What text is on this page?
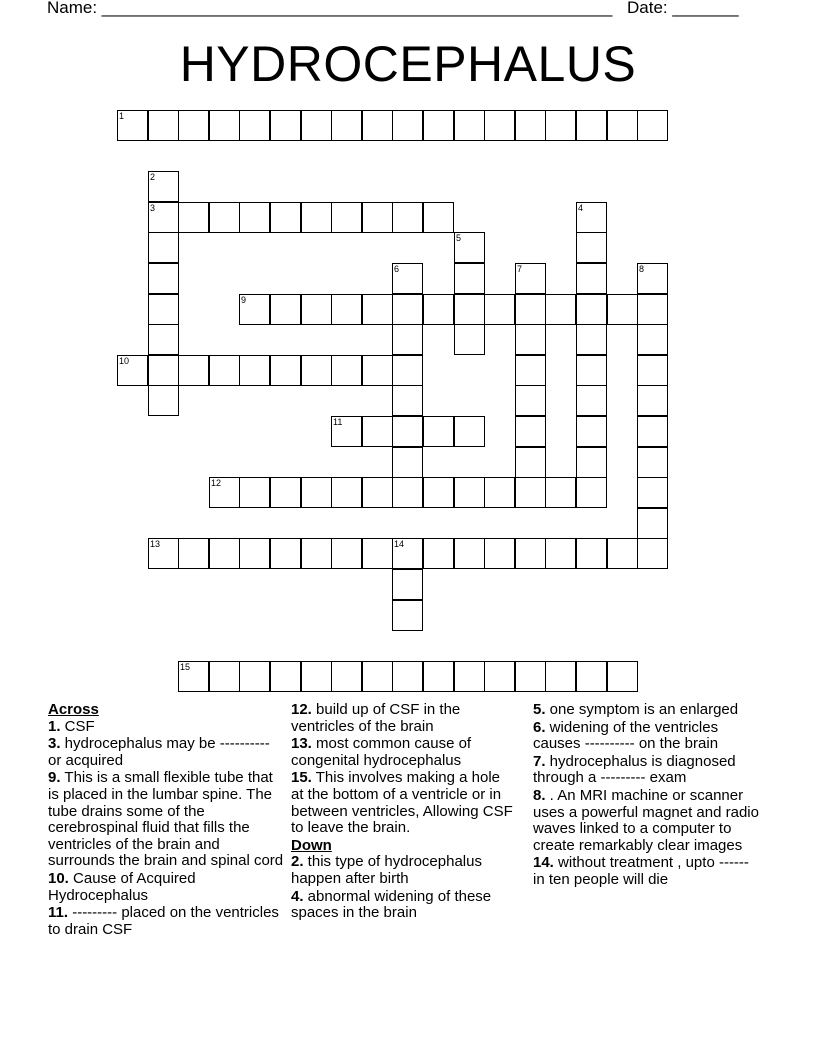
Name: ______________________________________________________ Date: _______
HYDROCEPHALUS
1
2
3	4
5
6	7	8
9
10
11
12
13	14
15
Across
1. CSF
3. hydrocephalus may be ---------- or acquired
9. This is a small flexible tube that is placed in the lumbar spine. The tube drains some of the cerebrospinal fluid that fills the ventricles of the brain and surrounds the brain and spinal cord
10. Cause of Acquired Hydrocephalus
11. --------- placed on the ventricles to drain CSF
12. build up of CSF in the ventricles of the brain
13. most common cause of congenital hydrocephalus
15. This involves making a hole at the bottom of a ventricle or in between ventricles, Allowing CSF to leave the brain.
Down
2. this type of hydrocephalus happen after birth
4. abnormal widening of these spaces in the brain
5. one symptom is an enlarged
6. widening of the ventricles causes ---------- on the brain
7. hydrocephalus is diagnosed through a --------- exam
8. . An MRI machine or scanner uses a powerful magnet and radio waves linked to a computer to create remarkably clear images
14. without treatment , upto ------ in ten people will die
